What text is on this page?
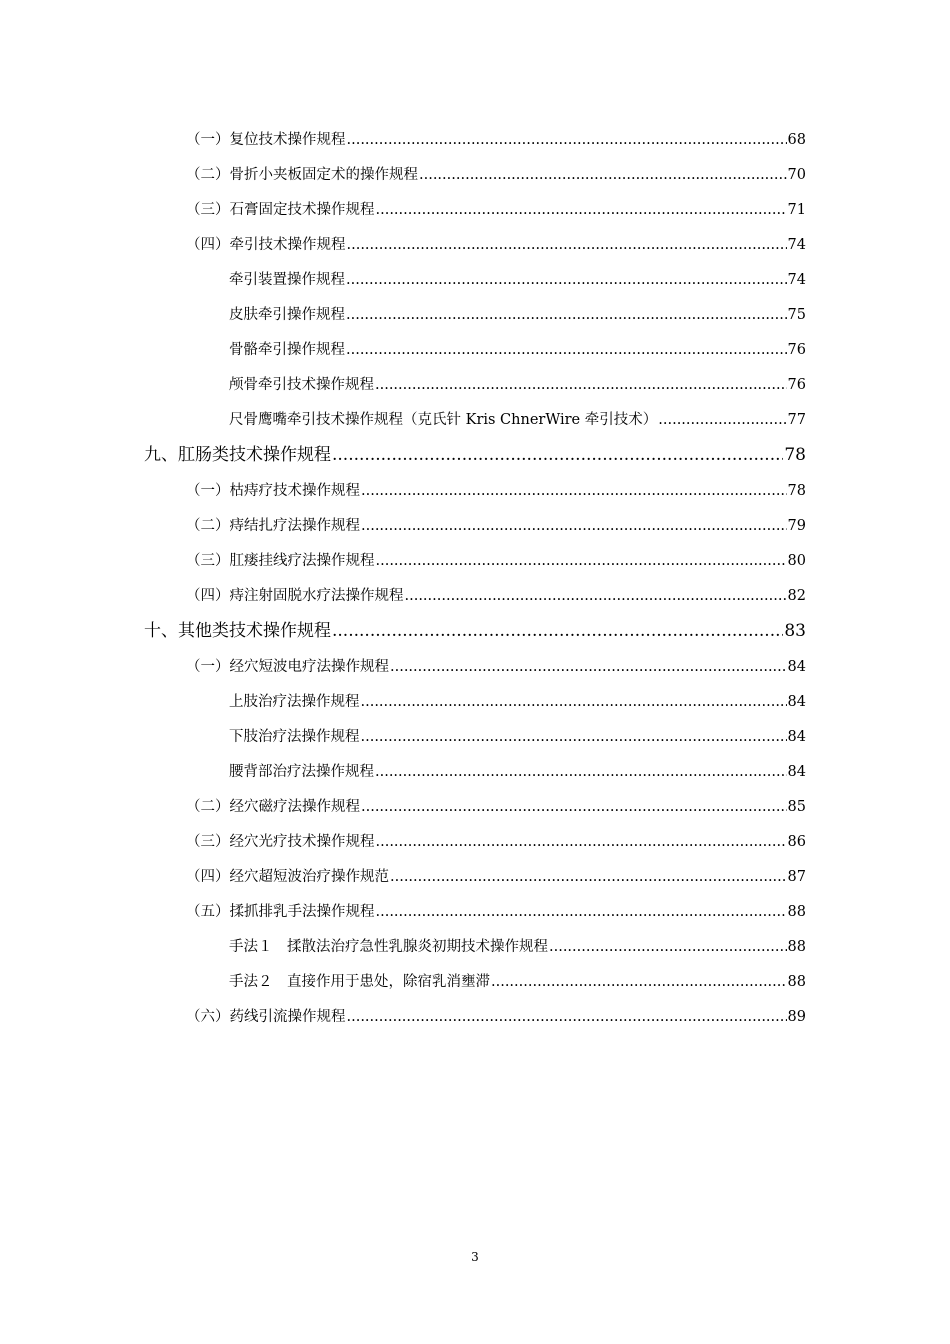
（一）复位技术操作规程 .....	68
（二）骨折小夹板固定术的操作规程 .....	70
（三）石膏固定技术操作规程 .....	71
（四）牵引技术操作规程 .....	74
牵引装置操作规程 .....	74
皮肤牵引操作规程 .....	75
骨骼牵引操作规程 .....	76
颅骨牵引技术操作规程 .....	76
尺骨鹰嘴牵引技术操作规程（克氏针 Kris ChnerWire 牵引技术） .....	77
九、肛肠类技术操作规程 .....	78
（一）枯痔疗技术操作规程 .....	78
（二）痔结扎疗法操作规程 .....	79
（三）肛瘘挂线疗法操作规程 .....	80
（四）痔注射固脱水疗法操作规程 .....	82
十、其他类技术操作规程 .....	83
（一）经穴短波电疗法操作规程 .....	84
上肢治疗法操作规程 .....	84
下肢治疗法操作规程 .....	84
腰背部治疗法操作规程 .....	84
（二）经穴磁疗法操作规程 .....	85
（三）经穴光疗技术操作规程 .....	86
（四）经穴超短波治疗操作规范 .....	87
（五）揉抓排乳手法操作规程 .....	88
手法１　揉散法治疗急性乳腺炎初期技术操作规程 .....	88
手法２　直接作用于患处，除宿乳消壅滞 .....	88
（六）药线引流操作规程 .....	89
3
